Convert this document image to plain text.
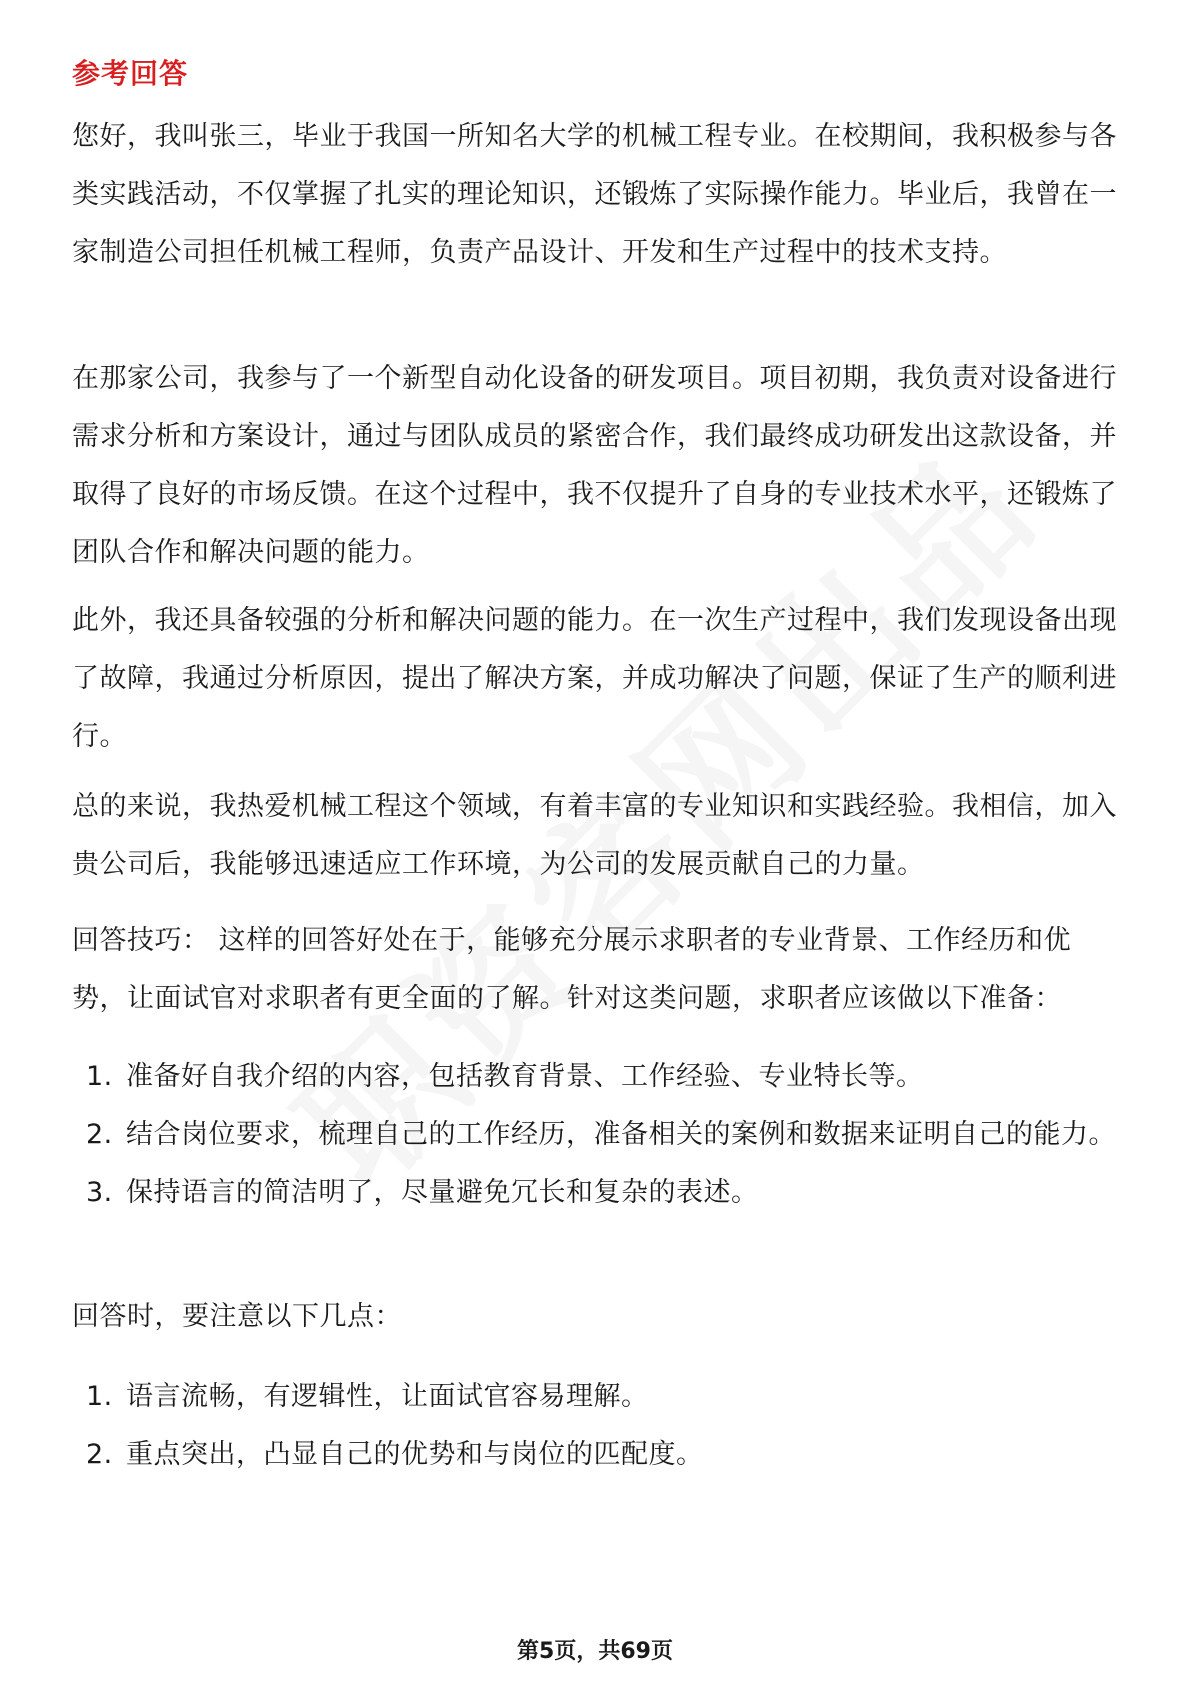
参考回答

您好，我叫张三，毕业于我国一所知名大学的机械工程专业。在校期间，我积极参与各类实践活动，不仅掌握了扎实的理论知识，还锻炼了实际操作能力。毕业后，我曾在一家制造公司担任机械工程师，负责产品设计、开发和生产过程中的技术支持。

在那家公司，我参与了一个新型自动化设备的研发项目。项目初期，我负责对设备进行需求分析和方案设计，通过与团队成员的紧密合作，我们最终成功研发出这款设备，并取得了良好的市场反馈。在这个过程中，我不仅提升了自身的专业技术水平，还锻炼了团队合作和解决问题的能力。

此外，我还具备较强的分析和解决问题的能力。在一次生产过程中，我们发现设备出现了故障，我通过分析原因，提出了解决方案，并成功解决了问题，保证了生产的顺利进行。

总的来说，我热爱机械工程这个领域，有着丰富的专业知识和实践经验。我相信，加入贵公司后，我能够迅速适应工作环境，为公司的发展贡献自己的力量。

回答技巧： 这样的回答好处在于，能够充分展示求职者的专业背景、工作经历和优势，让面试官对求职者有更全面的了解。针对这类问题，求职者应该做以下准备：

1. 准备好自我介绍的内容，包括教育背景、工作经验、专业特长等。
2. 结合岗位要求，梳理自己的工作经历，准备相关的案例和数据来证明自己的能力。
3. 保持语言的简洁明了，尽量避免冗长和复杂的表述。

回答时，要注意以下几点：

1. 语言流畅，有逻辑性，让面试官容易理解。
2. 重点突出，凸显自己的优势和与岗位的匹配度。
第5页，共69页
